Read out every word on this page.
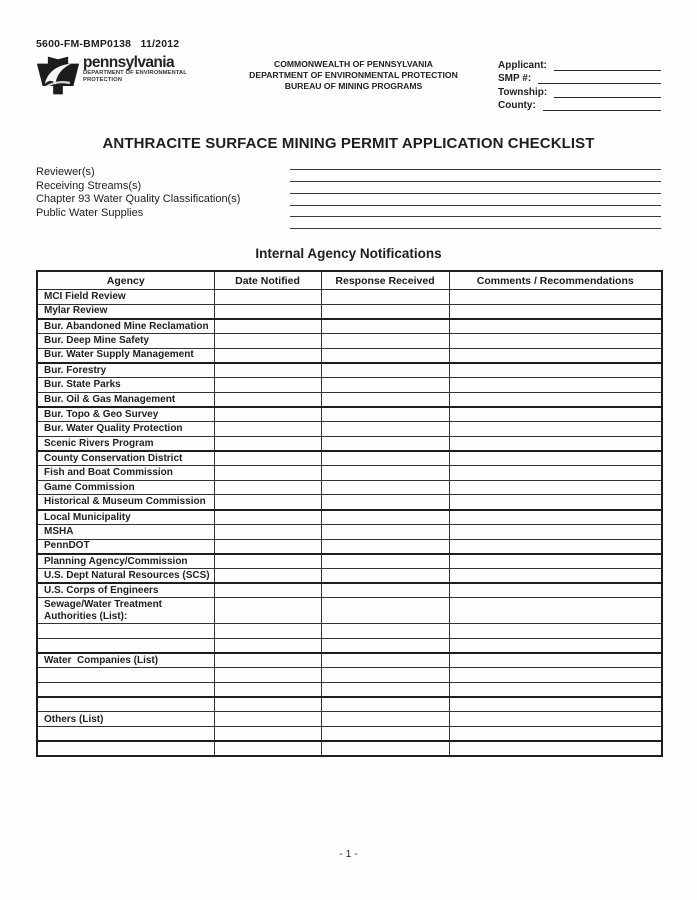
5600-FM-BMP0138   11/2012
pennsylvania
DEPARTMENT OF ENVIRONMENTAL
PROTECTION
COMMONWEALTH OF PENNSYLVANIA
DEPARTMENT OF ENVIRONMENTAL PROTECTION
BUREAU OF MINING PROGRAMS
Applicant:
SMP #:
Township:
County:
ANTHRACITE SURFACE MINING PERMIT APPLICATION CHECKLIST
Reviewer(s)
Receiving Streams(s)
Chapter 93 Water Quality Classification(s)
Public Water Supplies
Internal Agency Notifications
Agency	Date Notified	Response Received	Comments / Recommendations
MCI Field Review			
Mylar Review			
Bur. Abandoned Mine Reclamation			
Bur. Deep Mine Safety			
Bur. Water Supply Management			
Bur. Forestry			
Bur. State Parks			
Bur. Oil & Gas Management			
Bur. Topo & Geo Survey			
Bur. Water Quality Protection			
Scenic Rivers Program			
County Conservation District			
Fish and Boat Commission			
Game Commission			
Historical & Museum Commission			
Local Municipality			
MSHA			
PennDOT			
Planning Agency/Commission			
U.S. Dept Natural Resources (SCS)			
U.S. Corps of Engineers			
Sewage/Water Treatment Authorities (List):			

Water  Companies (List)			

Others (List)			

- 1 -
